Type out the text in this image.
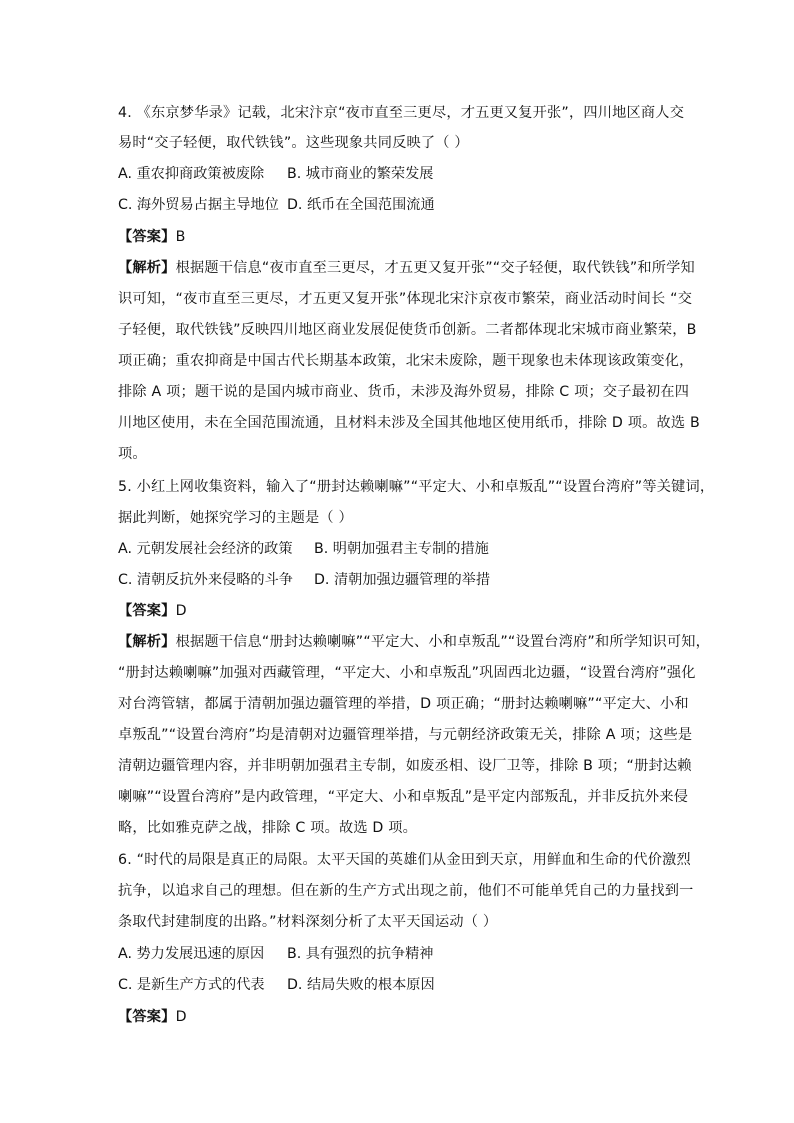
4. 《东京梦华录》记载，北宋汴京“夜市直至三更尽，才五更又复开张”，四川地区商人交
易时“交子轻便，取代铁钱”。这些现象共同反映了（ ）
A. 重农抑商政策被废除 B. 城市商业的繁荣发展
C. 海外贸易占据主导地位 D. 纸币在全国范围流通
【答案】B
【解析】根据题干信息“夜市直至三更尽，才五更又复开张”“交子轻便，取代铁钱”和所学知
识可知，“夜市直至三更尽，才五更又复开张”体现北宋汴京夜市繁荣，商业活动时间长 “交
子轻便，取代铁钱”反映四川地区商业发展促使货币创新。二者都体现北宋城市商业繁荣，B
项正确；重农抑商是中国古代长期基本政策，北宋未废除，题干现象也未体现该政策变化，
排除 A 项；题干说的是国内城市商业、货币，未涉及海外贸易，排除 C 项；交子最初在四
川地区使用，未在全国范围流通，且材料未涉及全国其他地区使用纸币，排除 D 项。故选 B
项。
5. 小红上网收集资料，输入了“册封达赖喇嘛”“平定大、小和卓叛乱”“设置台湾府”等关键词，
据此判断，她探究学习的主题是（ ）
A. 元朝发展社会经济的政策 B. 明朝加强君主专制的措施
C. 清朝反抗外来侵略的斗争 D. 清朝加强边疆管理的举措
【答案】D
【解析】根据题干信息“册封达赖喇嘛”“平定大、小和卓叛乱”“设置台湾府”和所学知识可知，
“册封达赖喇嘛”加强对西藏管理，“平定大、小和卓叛乱”巩固西北边疆，“设置台湾府”强化
对台湾管辖，都属于清朝加强边疆管理的举措，D 项正确；“册封达赖喇嘛”“平定大、小和
卓叛乱”“设置台湾府”均是清朝对边疆管理举措，与元朝经济政策无关，排除 A 项；这些是
清朝边疆管理内容，并非明朝加强君主专制，如废丞相、设厂卫等，排除 B 项；“册封达赖
喇嘛”“设置台湾府”是内政管理，“平定大、小和卓叛乱”是平定内部叛乱，并非反抗外来侵
略，比如雅克萨之战，排除 C 项。故选 D 项。
6. “时代的局限是真正的局限。太平天国的英雄们从金田到天京，用鲜血和生命的代价激烈
抗争，以追求自己的理想。但在新的生产方式出现之前，他们不可能单凭自己的力量找到一
条取代封建制度的出路。”材料深刻分析了太平天国运动（ ）
A. 势力发展迅速的原因 B. 具有强烈的抗争精神
C. 是新生产方式的代表 D. 结局失败的根本原因
【答案】D
